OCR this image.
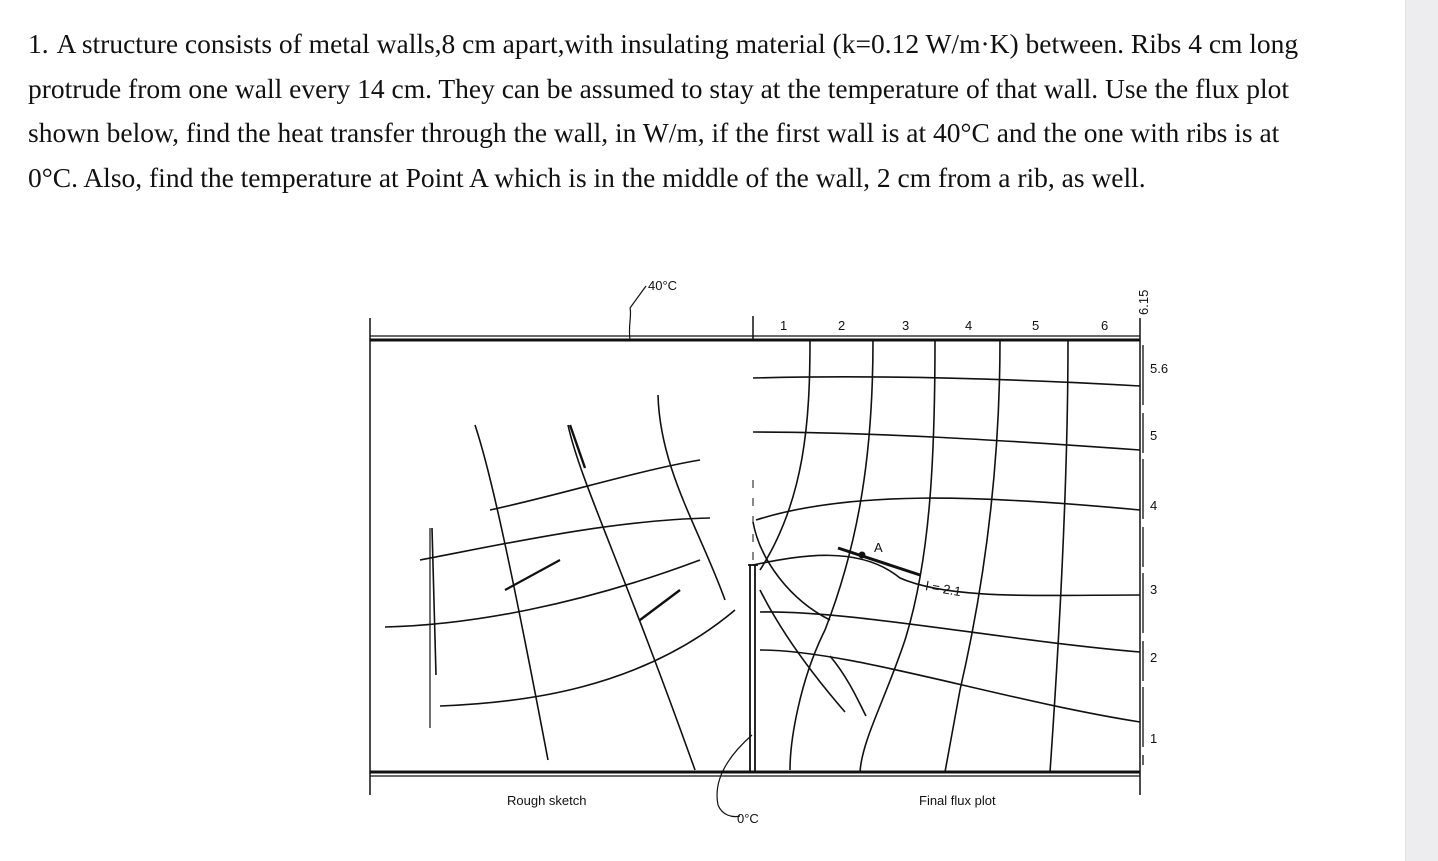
1. A structure consists of metal walls,8 cm apart,with insulating material (k=0.12 W/m·K) between. Ribs 4 cm long protrude from one wall every 14 cm. They can be assumed to stay at the temperature of that wall. Use the flux plot shown below, find the heat transfer through the wall, in W/m, if the first wall is at 40°C and the one with ribs is at 0°C. Also, find the temperature at Point A which is in the middle of the wall, 2 cm from a rib, as well.

40°C
0°C
Rough sketch	Final flux plot
1	2	3	4	5	6
6.15
5.6
5
4
3
2
1
A
l = 2.1
